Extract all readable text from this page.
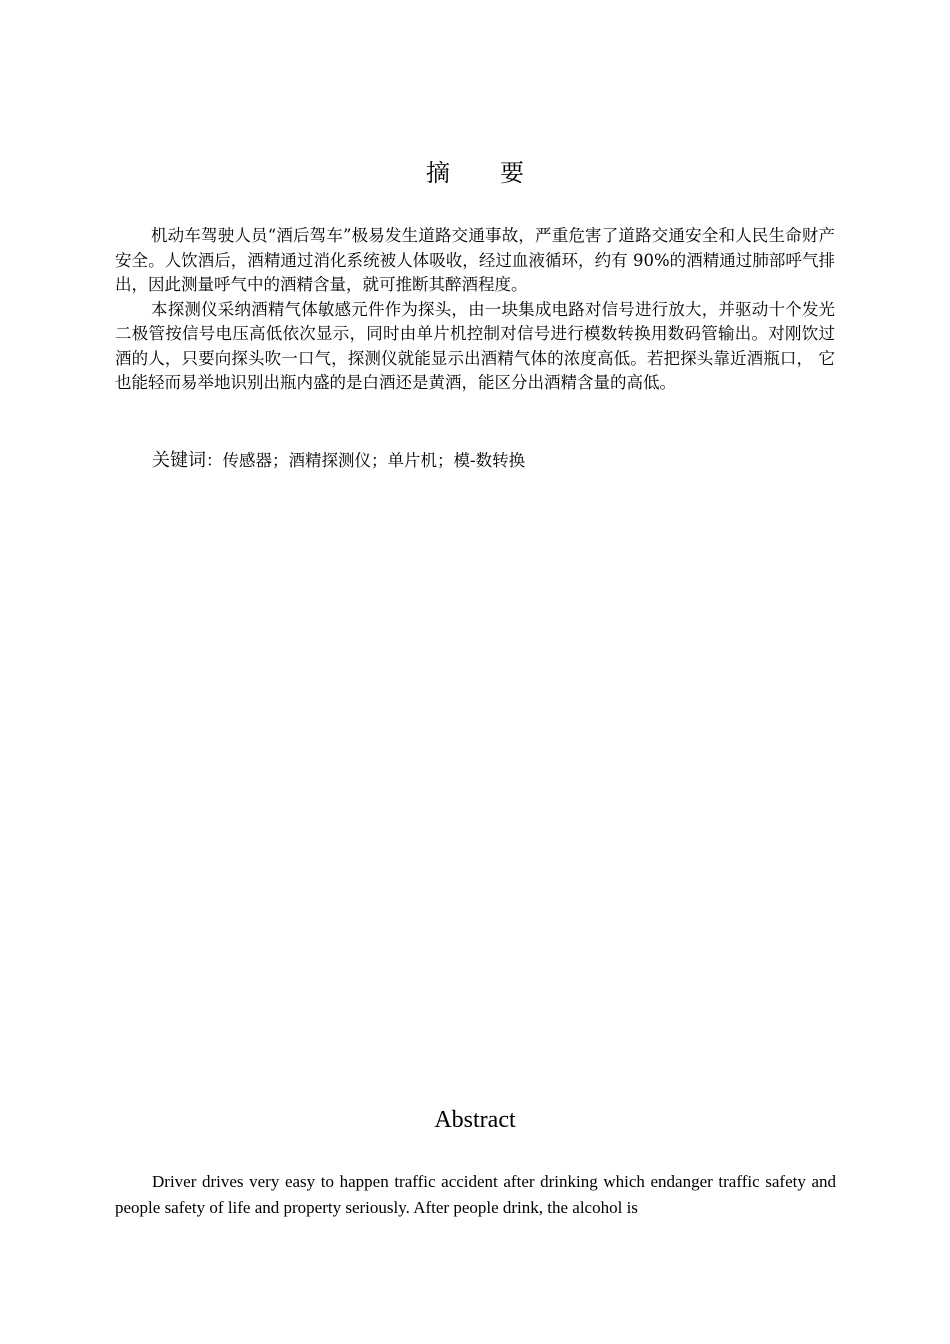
摘要

机动车驾驶人员“酒后驾车”极易发生道路交通事故，严重危害了道路交通安全和人民生命财产安全。人饮酒后，酒精通过消化系统被人体吸收，经过血液循环，约有 90%的酒精通过肺部呼气排出，因此测量呼气中的酒精含量，就可推断其醉酒程度。

本探测仪采纳酒精气体敏感元件作为探头，由一块集成电路对信号进行放大，并驱动十个发光二极管按信号电压高低依次显示，同时由单片机控制对信号进行模数转换用数码管输出。对刚饮过酒的人，只要向探头吹一口气，探测仪就能显示出酒精气体的浓度高低。若把探头靠近酒瓶口， 它也能轻而易举地识别出瓶内盛的是白酒还是黄酒，能区分出酒精含量的高低。

关键词：传感器；酒精探测仪；单片机；模-数转换
Abstract

Driver drives very easy to happen traffic accident after drinking which endanger traffic safety and people safety of life and property seriously. After people drink, the alcohol is
